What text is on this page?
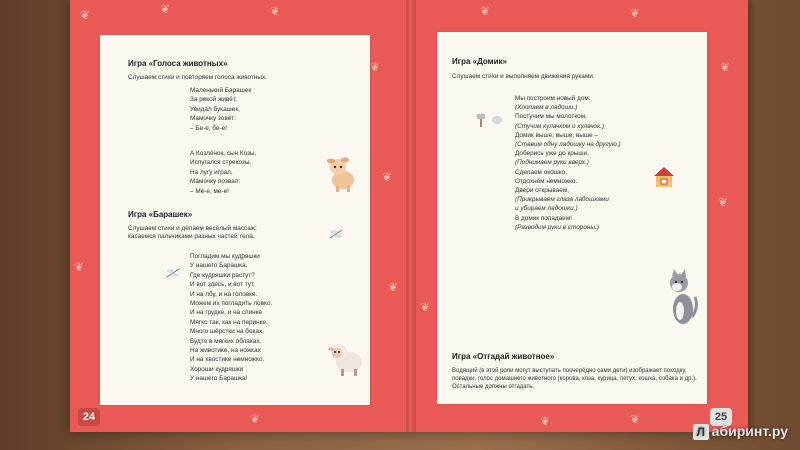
❦	❦	❦
❦
❦
❦
❦
❦	❦
❦
❦
❦
❦	❦	❦
Игра «Голоса животных»
Слушаем стихи и повторяем голоса животных.
Маленький Барашек
За рекой живёт.
Увидал букашек,
Мамочку зовёт:
– Бе-е, бе-е!
А Козлёнок, сын Козы,
Испугался стрекозы.
На лугу играл,
Мамочку позвал:
– Ме-е, ме-е!
Игра «Барашек»
Слушаем стихи и делаем весёлый массаж:
касаемся пальчиками разных частей тела.
Погладим мы кудряшки
У нашего Барашка.
Где кудряшки растут?
И вот здесь, и вот тут.
И на лбу, и на головке.
Можем их погладить ловко.
И на грудке, и на спинке
Мягко так, как на перинке.
Много шёрстки на боках,
Будто в мягких облаках.
На животике, на ножках
И на хвостике немножко.
Хороши кудряшки
У нашего Барашка!
24
Игра «Домик»
Слушаем стихи и выполняем движения руками.
Мы построим новый дом.
(Хлопаем в ладоши.)
Постучим мы молотком.
(Стучим кулачком о кулачок.)
Домик выше, выше, выше –
(Ставим одну ладошку на другую.)
Доберись уже до крыши.
(Поднимаем руки вверх.)
Сделаем окошко.
Отдохнём немножко.
Двери открываем,
(Прикрываем глаза ладошками
и убираем ладошки.)
В домик попадаем!
(Разводим руки в стороны.)
Игра «Отгадай животное»
Водящий (в этой роли могут выступать поочерёдно сами дети) изображает походку, повадки, голос домашнего животного (корова, коза, курица, петух, кошка, собака и др.). Остальные должны отгадать.
25
Л абиринт.ру
